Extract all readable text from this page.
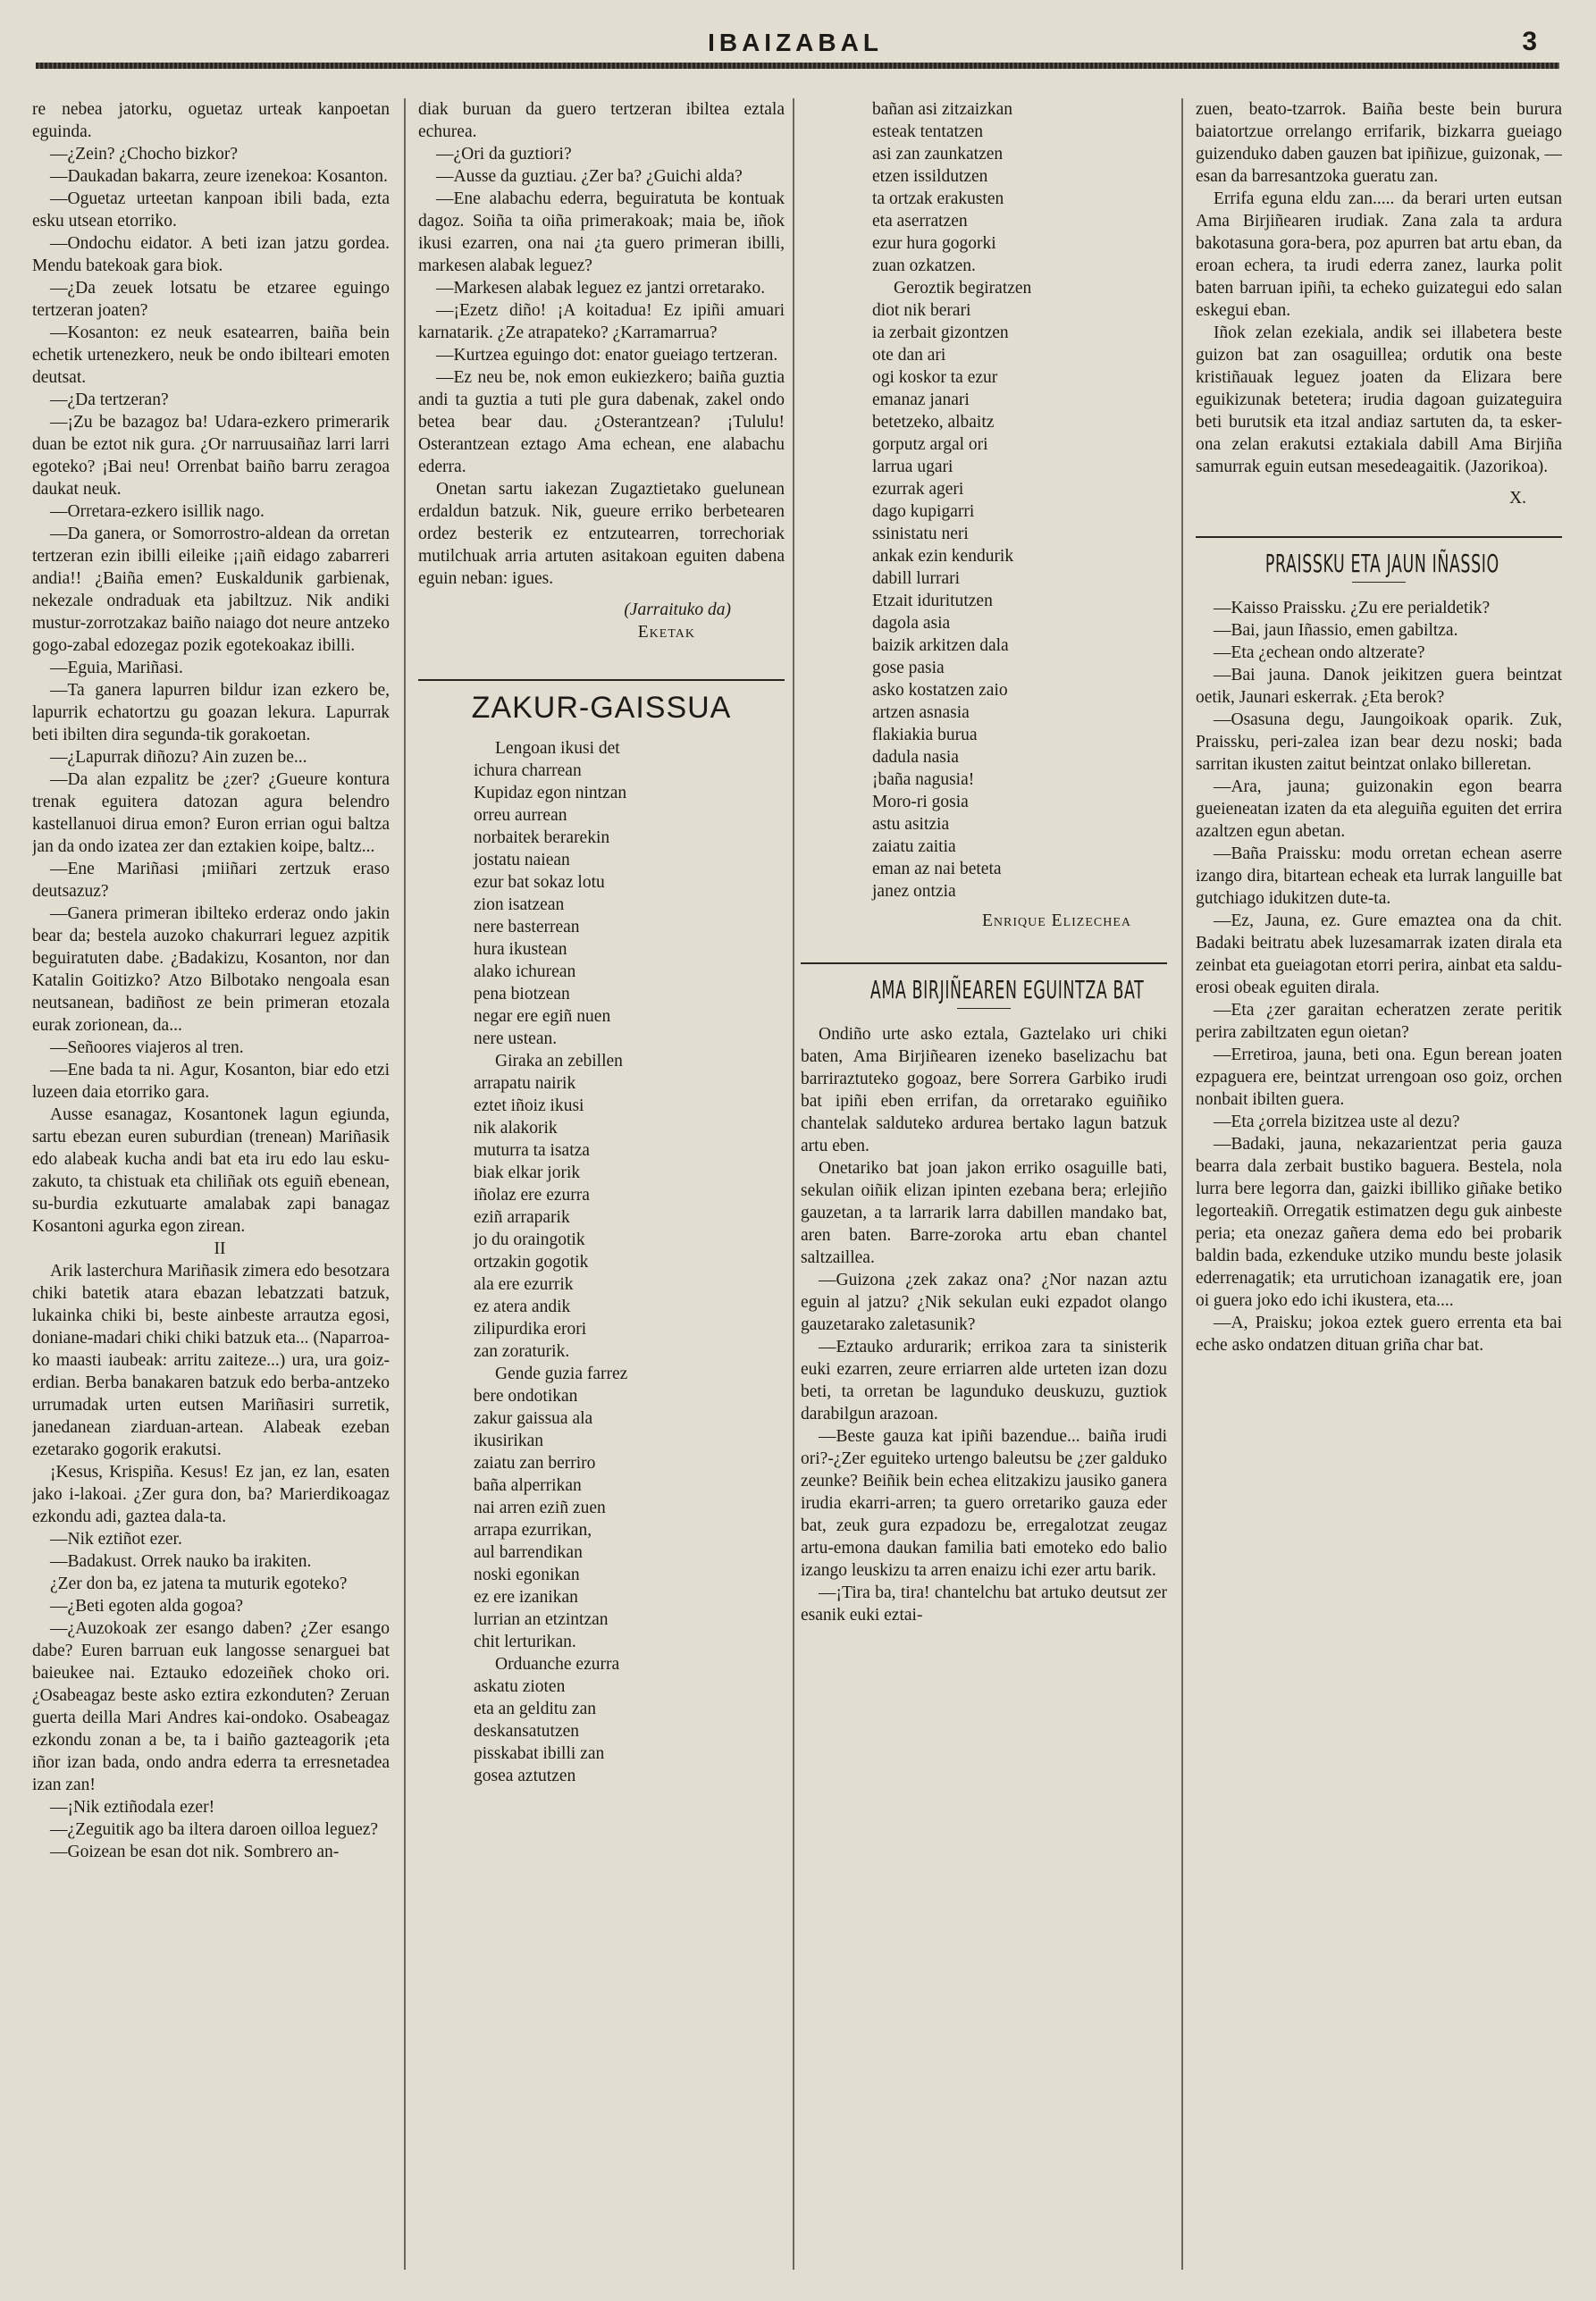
IBAIZABAL	3

re nebea jatorku, oguetaz urteak kanpoetan eguinda.

—¿Zein? ¿Chocho bizkor?

—Daukadan bakarra, zeure izenekoa: Kosanton.

—Oguetaz urteetan kanpoan ibili bada, ezta esku utsean etorriko.

—Ondochu eidator. A beti izan jatzu gordea. Mendu batekoak gara biok.

—¿Da zeuek lotsatu be etzaree eguingo tertzeran joaten?

—Kosanton: ez neuk esatearren, baiña bein echetik urtenezkero, neuk be ondo ibilteari emoten deutsat.

—¿Da tertzeran?

—¡Zu be bazagoz ba! Udara-ezkero primerarik duan be eztot nik gura. ¿Or narruusaiñaz larri larri egoteko? ¡Bai neu! Orrenbat baiño barru zeragoa daukat neuk.

—Orretara-ezkero isillik nago.

—Da ganera, or Somorrostro-aldean da orretan tertzeran ezin ibilli eileike ¡¡aiñ eidago zabarreri andia!! ¿Baiña emen? Euskaldunik garbienak, nekezale ondraduak eta jabiltzuz. Nik andiki mustur-zorrotzakaz baiño naiago dot neure antzeko gogo-zabal edozegaz pozik egotekoakaz ibilli.

—Eguia, Mariñasi.

—Ta ganera lapurren bildur izan ezkero be, lapurrik echatortzu gu goazan lekura. Lapurrak beti ibilten dira segunda-tik gorakoetan.

—¿Lapurrak diñozu? Ain zuzen be...

—Da alan ezpalitz be ¿zer? ¿Gueure kontura trenak eguitera datozan agura belendro kastellanuoi dirua emon? Euron errian ogui baltza jan da ondo izatea zer dan eztakien koipe, baltz...

—Ene Mariñasi ¡miiñari zertzuk eraso deutsazuz?

—Ganera primeran ibilteko erderaz ondo jakin bear da; bestela auzoko chakurrari leguez azpitik beguiratuten dabe. ¿Badakizu, Kosanton, nor dan Katalin Goitizko? Atzo Bilbotako nengoala esan neutsanean, badiñost ze bein primeran etozala eurak zorionean, da...

—Señoores viajeros al tren.

—Ene bada ta ni. Agur, Kosanton, biar edo etzi luzeen daia etorriko gara.

Ausse esanagaz, Kosantonek lagun egiunda, sartu ebezan euren suburdian (trenean) Mariñasik edo alabeak kucha andi bat eta iru edo lau esku-zakuto, ta chistuak eta chiliñak ots eguiñ ebenean, su-burdia ezkutuarte amalabak zapi banagaz Kosantoni agurka egon zirean.

II

Arik lasterchura Mariñasik zimera edo besotzara chiki batetik atara ebazan lebatzzati batzuk, lukainka chiki bi, beste ainbeste arrautza egosi, doniane-madari chiki chiki batzuk eta... (Naparroa-ko maasti iaubeak: arritu zaiteze...) ura, ura goiz-erdian. Berba banakaren batzuk edo berba-antzeko urrumadak urten eutsen Mariñasiri surretik, janedanean ziarduan-artean. Alabeak ezeban ezetarako gogorik erakutsi.

¡Kesus, Krispiña. Kesus! Ez jan, ez lan, esaten jako i-lakoai. ¿Zer gura don, ba? Marierdikoagaz ezkondu adi, gaztea dala-ta.

—Nik eztiñot ezer.

—Badakust. Orrek nauko ba irakiten.

¿Zer don ba, ez jatena ta muturik egoteko?

—¿Beti egoten alda gogoa?

—¿Auzokoak zer esango daben? ¿Zer esango dabe? Euren barruan euk langosse senarguei bat baieukee nai. Eztauko edozeiñek choko ori. ¿Osabeagaz beste asko eztira ezkonduten? Zeruan guerta deilla Mari Andres kai-ondoko. Osabeagaz ezkondu zonan a be, ta i baiño gazteagorik ¡eta iñor izan bada, ondo andra ederra ta erresnetadea izan zan!

—¡Nik eztiñodala ezer!

—¿Zeguitik ago ba iltera daroen oilloa leguez?

—Goizean be esan dot nik. Sombrero an-

diak buruan da guero tertzeran ibiltea eztala echurea.

—¿Ori da guztiori?

—Ausse da guztiau. ¿Zer ba? ¿Guichi alda?

—Ene alabachu ederra, beguiratuta be kontuak dagoz. Soiña ta oiña primerakoak; maia be, iñok ikusi ezarren, ona nai ¿ta guero primeran ibilli, markesen alabak leguez?

—Markesen alabak leguez ez jantzi orretarako.

—¡Ezetz diño! ¡A koitadua! Ez ipiñi amuari karnatarik. ¿Ze atrapateko? ¿Karramarrua?

—Kurtzea eguingo dot: enator gueiago tertzeran.

—Ez neu be, nok emon eukiezkero; baiña guztia andi ta guztia a tuti ple gura dabenak, zakel ondo betea bear dau. ¿Osterantzean? ¡Tululu! Osterantzean eztago Ama echean, ene alabachu ederra.

Onetan sartu iakezan Zugaztietako guelunean erdaldun batzuk. Nik, gueure erriko berbetearen ordez besterik ez entzutearren, torrechoriak mutilchuak arria artuten asitakoan eguiten dabena eguin neban: igues.

(Jarraituko da)

Eketak

ZAKUR-GAISSUA

Lengoan ikusi det

ichura charrean

Kupidaz egon nintzan

orreu aurrean

norbaitek berarekin

jostatu naiean

ezur bat sokaz lotu

zion isatzean

nere basterrean

hura ikustean

alako ichurean

pena biotzean

negar ere egiñ nuen

nere ustean.

Giraka an zebillen

arrapatu nairik

eztet iñoiz ikusi

nik alakorik

muturra ta isatza

biak elkar jorik

iñolaz ere ezurra

eziñ arraparik

jo du oraingotik

ortzakin gogotik

ala ere ezurrik

ez atera andik

zilipurdika erori

zan zoraturik.

Gende guzia farrez

bere ondotikan

zakur gaissua ala

ikusirikan

zaiatu zan berriro

baña alperrikan

nai arren eziñ zuen

arrapa ezurrikan,

aul barrendikan

noski egonikan

ez ere izanikan

lurrian an etzintzan

chit lerturikan.

Orduanche ezurra

askatu zioten

eta an gelditu zan

deskansatutzen

pisskabat ibilli zan

gosea aztutzen

bañan asi zitzaizkan

esteak tentatzen

asi zan zaunkatzen

etzen issildutzen

ta ortzak erakusten

eta aserratzen

ezur hura gogorki

zuan ozkatzen.

Geroztik begiratzen

diot nik berari

ia zerbait gizontzen

ote dan ari

ogi koskor ta ezur

emanaz janari

betetzeko, albaitz

gorputz argal ori

larrua ugari

ezurrak ageri

dago kupigarri

ssinistatu neri

ankak ezin kendurik

dabill lurrari

Etzait iduritutzen

dagola asia

baizik arkitzen dala

gose pasia

asko kostatzen zaio

artzen asnasia

flakiakia burua

dadula nasia

¡baña nagusia!

Moro-ri gosia

astu asitzia

zaiatu zaitia

eman az nai beteta

janez ontzia

Enrique Elizechea

AMA BIRJIÑEAREN EGUINTZA BAT

Ondiño urte asko eztala, Gaztelako uri chiki baten, Ama Birjiñearen izeneko baselizachu bat barriraztuteko gogoaz, bere Sorrera Garbiko irudi bat ipiñi eben errifan, da orretarako eguiñiko chantelak salduteko ardurea bertako lagun batzuk artu eben.

Onetariko bat joan jakon erriko osaguille bati, sekulan oiñik elizan ipinten ezebana bera; erlejiño gauzetan, a ta larrarik larra dabillen mandako bat, aren baten. Barre-zoroka artu eban chantel saltzaillea.

—Guizona ¿zek zakaz ona? ¿Nor nazan aztu eguin al jatzu? ¿Nik sekulan euki ezpadot olango gauzetarako zaletasunik?

—Eztauko ardurarik; errikoa zara ta sinisterik euki ezarren, zeure erriarren alde urteten izan dozu beti, ta orretan be lagunduko deuskuzu, guztiok darabilgun arazoan.

—Beste gauza kat ipiñi bazendue... baiña irudi ori?-¿Zer eguiteko urtengo baleutsu be ¿zer galduko zeunke? Beiñik bein echea elitzakizu jausiko ganera irudia ekarri-arren; ta guero orretariko gauza eder bat, zeuk gura ezpadozu be, erregalotzat zeugaz artu-emona daukan familia bati emoteko edo balio izango leuskizu ta arren enaizu ichi ezer artu barik.

—¡Tira ba, tira! chantelchu bat artuko deutsut zer esanik euki eztai-

zuen, beato-tzarrok. Baiña beste bein burura baiatortzue orrelango errifarik, bizkarra gueiago guizenduko daben gauzen bat ipiñizue, guizonak, —esan da barresantzoka gueratu zan.

Errifa eguna eldu zan..... da berari urten eutsan Ama Birjiñearen irudiak. Zana zala ta ardura bakotasuna gora-bera, poz apurren bat artu eban, da eroan echera, ta irudi ederra zanez, laurka polit baten barruan ipiñi, ta echeko guizategui edo salan eskegui eban.

Iñok zelan ezekiala, andik sei illabetera beste guizon bat zan osaguillea; ordutik ona beste kristiñauak leguez joaten da Elizara bere eguikizunak betetera; irudia dagoan guizateguira beti burutsik eta itzal andiaz sartuten da, ta esker-ona zelan erakutsi eztakiala dabill Ama Birjiña samurrak eguin eutsan mesedeagaitik. (Jazorikoa).

X.

PRAISSKU ETA JAUN IÑASSIO

—Kaisso Praissku. ¿Zu ere perialdetik?

—Bai, jaun Iñassio, emen gabiltza.

—Eta ¿echean ondo altzerate?

—Bai jauna. Danok jeikitzen guera beintzat oetik, Jaunari eskerrak. ¿Eta berok?

—Osasuna degu, Jaungoikoak oparik. Zuk, Praissku, peri-zalea izan bear dezu noski; bada sarritan ikusten zaitut beintzat onlako billeretan.

—Ara, jauna; guizonakin egon bearra gueieneatan izaten da eta aleguiña eguiten det errira azaltzen egun abetan.

—Baña Praissku: modu orretan echean aserre izango dira, bitartean echeak eta lurrak languille bat gutchiago idukitzen dute-ta.

—Ez, Jauna, ez. Gure emaztea ona da chit. Badaki beitratu abek luzesamarrak izaten dirala eta zeinbat eta gueiagotan etorri perira, ainbat eta saldu-erosi obeak eguiten dirala.

—Eta ¿zer garaitan echeratzen zerate peritik perira zabiltzaten egun oietan?

—Erretiroa, jauna, beti ona. Egun berean joaten ezpaguera ere, beintzat urrengoan oso goiz, orchen nonbait ibilten guera.

—Eta ¿orrela bizitzea uste al dezu?

—Badaki, jauna, nekazarientzat peria gauza bearra dala zerbait bustiko baguera. Bestela, nola lurra bere legorra dan, gaizki ibilliko giñake betiko legorteakiñ. Orregatik estimatzen degu guk ainbeste peria; eta onezaz gañera dema edo bei probarik baldin bada, ezkenduke utziko mundu beste jolasik ederrenagatik; eta urrutichoan izanagatik ere, joan oi guera joko edo ichi ikustera, eta....

—A, Praisku; jokoa eztek guero errenta eta bai eche asko ondatzen dituan griña char bat.
